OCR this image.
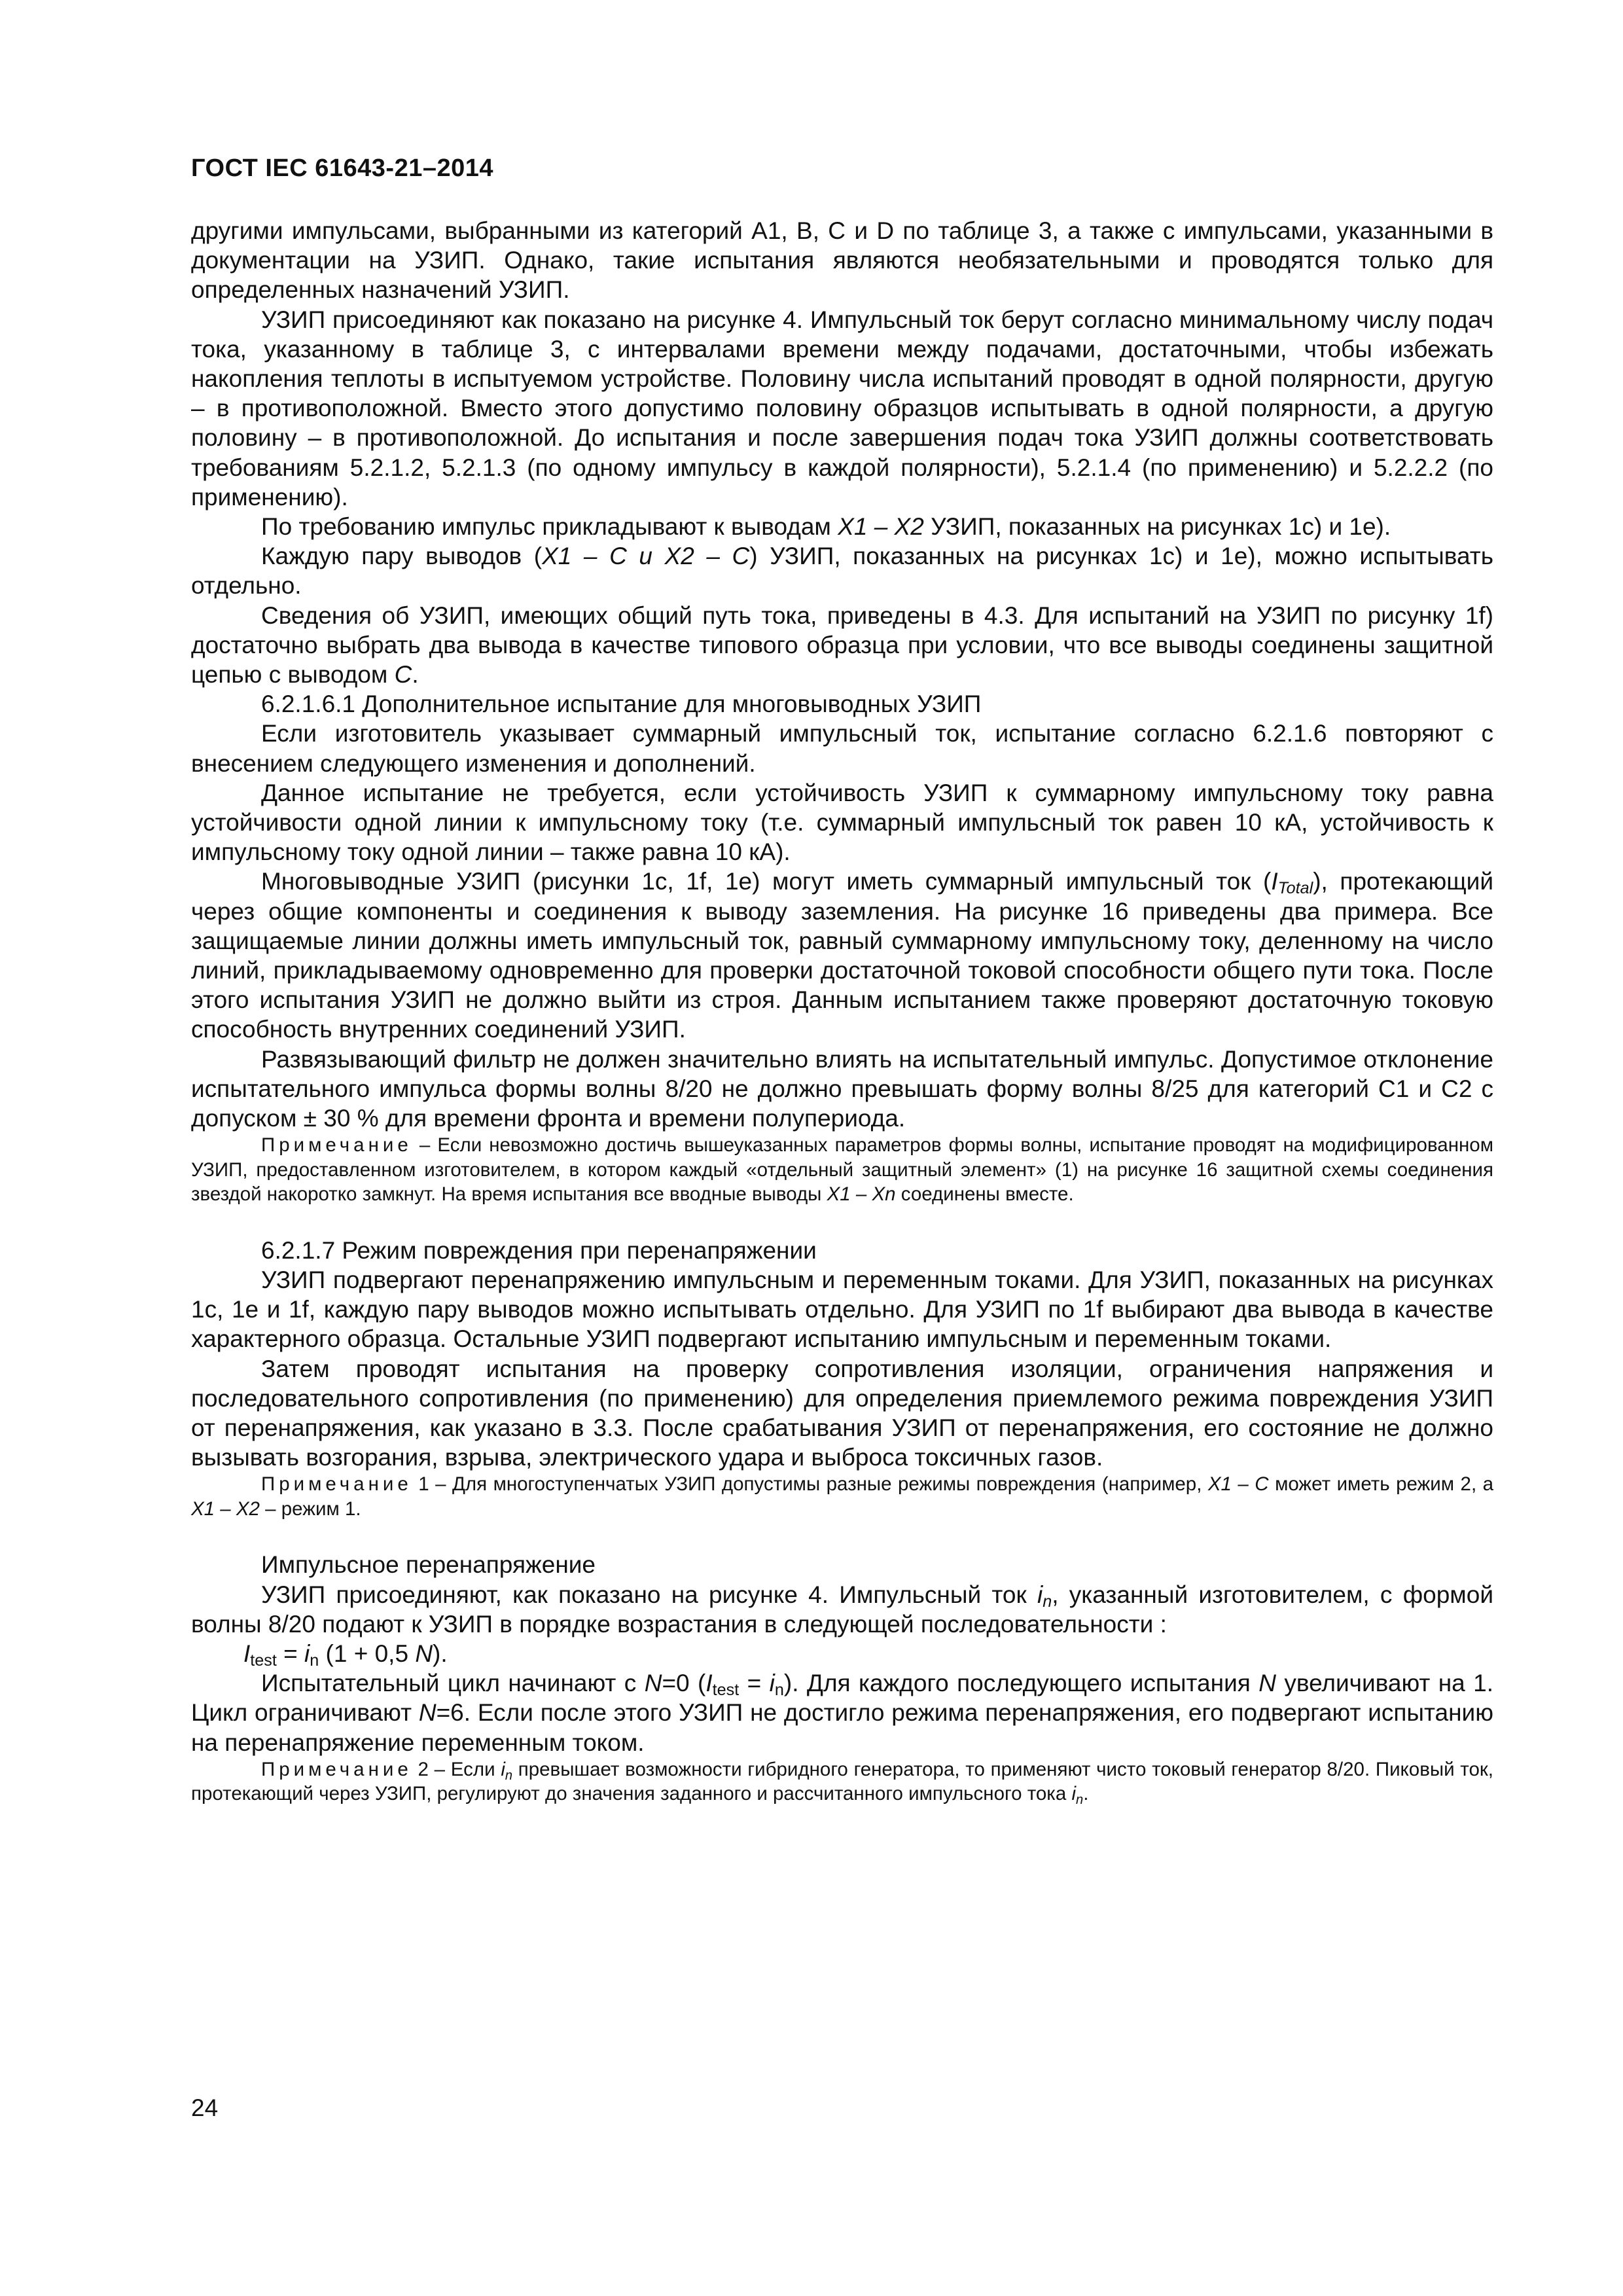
ГОСТ IEC 61643-21–2014

другими импульсами, выбранными из категорий A1, B, C и D по таблице 3, а также с импульсами, указанными в документации на УЗИП. Однако, такие испытания являются необязательными и проводятся только для определенных назначений УЗИП.

УЗИП присоединяют как показано на рисунке 4. Импульсный ток берут согласно минимальному числу подач тока, указанному в таблице 3, с интервалами времени между подачами, достаточными, чтобы избежать накопления теплоты в испытуемом устройстве. Половину числа испытаний проводят в одной полярности, другую – в противоположной. Вместо этого допустимо половину образцов испытывать в одной полярности, а другую половину – в противоположной. До испытания и после завершения подач тока УЗИП должны соответствовать требованиям 5.2.1.2, 5.2.1.3 (по одному импульсу в каждой полярности), 5.2.1.4 (по применению) и 5.2.2.2 (по применению).

По требованию импульс прикладывают к выводам X1 – X2 УЗИП, показанных на рисунках 1c) и 1e).

Каждую пару выводов (X1 – C и X2 – C) УЗИП, показанных на рисунках 1c) и 1e), можно испытывать отдельно.

Сведения об УЗИП, имеющих общий путь тока, приведены в 4.3. Для испытаний на УЗИП по рисунку 1f) достаточно выбрать два вывода в качестве типового образца при условии, что все выводы соединены защитной цепью с выводом C.

6.2.1.6.1 Дополнительное испытание для многовыводных УЗИП

Если изготовитель указывает суммарный импульсный ток, испытание согласно 6.2.1.6 повторяют с внесением следующего изменения и дополнений.

Данное испытание не требуется, если устойчивость УЗИП к суммарному импульсному току равна устойчивости одной линии к импульсному току (т.е. суммарный импульсный ток равен 10 кА, устойчивость к импульсному току одной линии – также равна 10 кА).

Многовыводные УЗИП (рисунки 1c, 1f, 1e) могут иметь суммарный импульсный ток $(I_{Total})$, протекающий через общие компоненты и соединения к выводу заземления. На рисунке 16 приведены два примера. Все защищаемые линии должны иметь импульсный ток, равный суммарному импульсному току, деленному на число линий, прикладываемому одновременно для проверки достаточной токовой способности общего пути тока. После этого испытания УЗИП не должно выйти из строя. Данным испытанием также проверяют достаточную токовую способность внутренних соединений УЗИП.

Развязывающий фильтр не должен значительно влиять на испытательный импульс. Допустимое отклонение испытательного импульса формы волны 8/20 не должно превышать форму волны 8/25 для категорий C1 и C2 с допуском ± 30 % для времени фронта и времени полупериода.

Примечание – Если невозможно достичь вышеуказанных параметров формы волны, испытание проводят на модифицированном УЗИП, предоставленном изготовителем, в котором каждый «отдельный защитный элемент» (1) на рисунке 16 защитной схемы соединения звездой накоротко замкнут. На время испытания все вводные выводы X1 – Xn соединены вместе.

6.2.1.7 Режим повреждения при перенапряжении

УЗИП подвергают перенапряжению импульсным и переменным токами. Для УЗИП, показанных на рисунках 1c, 1e и 1f, каждую пару выводов можно испытывать отдельно. Для УЗИП по 1f выбирают два вывода в качестве характерного образца. Остальные УЗИП подвергают испытанию импульсным и переменным токами.

Затем проводят испытания на проверку сопротивления изоляции, ограничения напряжения и последовательного сопротивления (по применению) для определения приемлемого режима повреждения УЗИП от перенапряжения, как указано в 3.3. После срабатывания УЗИП от перенапряжения, его состояние не должно вызывать возгорания, взрыва, электрического удара и выброса токсичных газов.

Примечание 1 – Для многоступенчатых УЗИП допустимы разные режимы повреждения (например, X1 – C может иметь режим 2, а X1 – X2 – режим 1.

Импульсное перенапряжение

УЗИП присоединяют, как показано на рисунке 4. Импульсный ток $i_n$, указанный изготовителем, с формой волны 8/20 подают к УЗИП в порядке возрастания в следующей последовательности :

$I_{test} = i_n$ (1 + 0,5 N).

Испытательный цикл начинают с N=0 $(I_{test} = i_n)$. Для каждого последующего испытания N увеличивают на 1. Цикл ограничивают N=6. Если после этого УЗИП не достигло режима перенапряжения, его подвергают испытанию на перенапряжение переменным током.

Примечание 2 – Если $i_n$ превышает возможности гибридного генератора, то применяют чисто токовый генератор 8/20. Пиковый ток, протекающий через УЗИП, регулируют до значения заданного и рассчитанного импульсного тока $i_n$.

24
